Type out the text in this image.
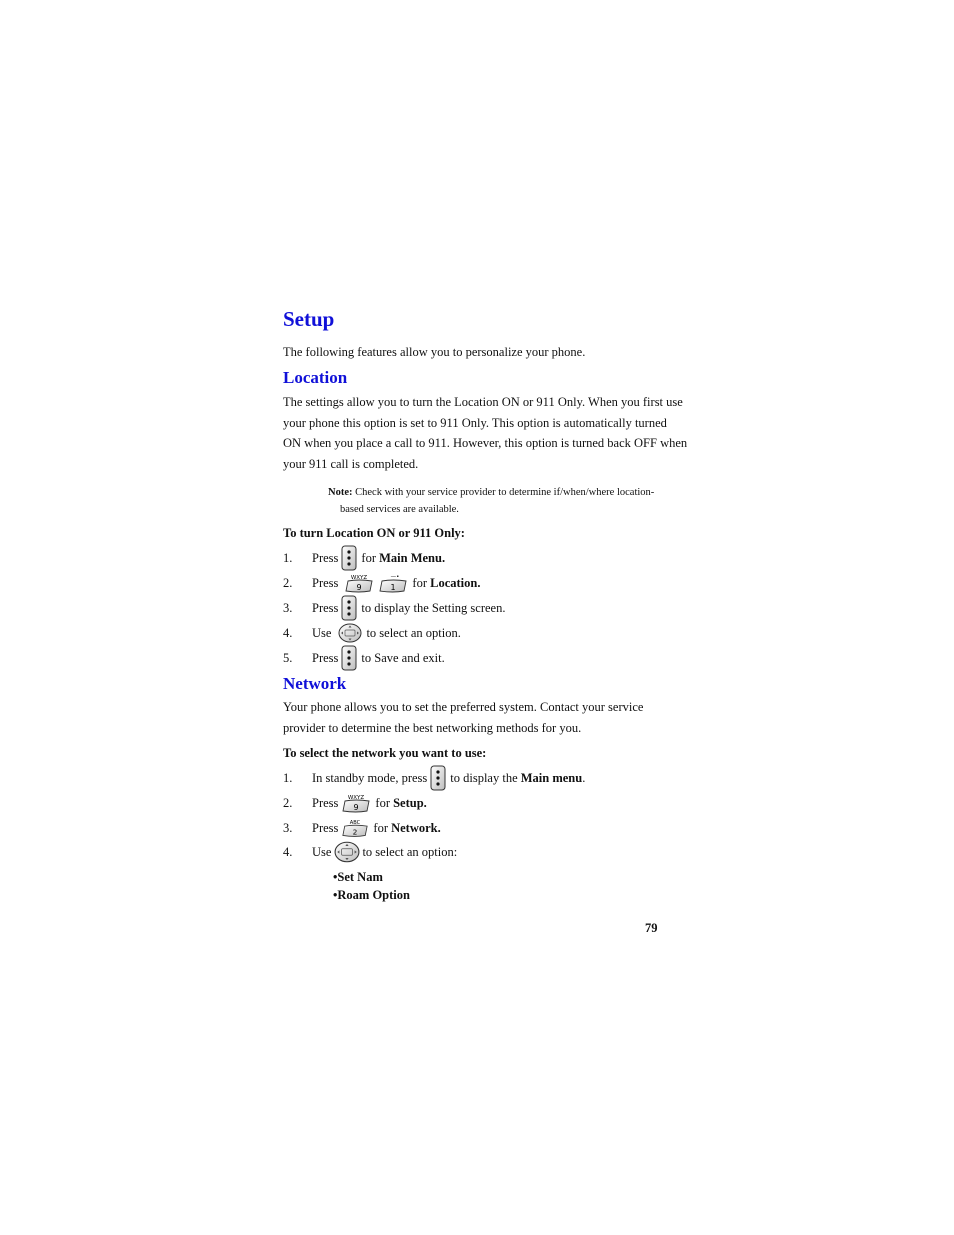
Setup
The following features allow you to personalize your phone.
Location
The settings allow you to turn the Location ON or 911 Only. When you first use
your phone this option is set to 911 Only. This option is automatically turned
ON when you place a call to 911. However, this option is turned back OFF when
your 911 call is completed.
Note: Check with your service provider to determine if/when/where location-
based services are available.
To turn Location ON or 911 Only:
1.	Press for
Main Menu.
2.	Press WXYZ
9
—•
1 for
Location.
3.	Press to display the Setting screen.
4.	Use	to select an option.
5.	Press to Save and exit.
Network
Your phone allows you to set the preferred system. Contact your service
provider to determine the best networking methods for you.
To select the network you want to use:
1.	In standby mode, press to display the
Main menu .
2.	Press WXYZ
9 for
Setup.
3.	Press ABC
2 for
Network.
4.	Use to select an option:
•Set Nam
•Roam Option
79
